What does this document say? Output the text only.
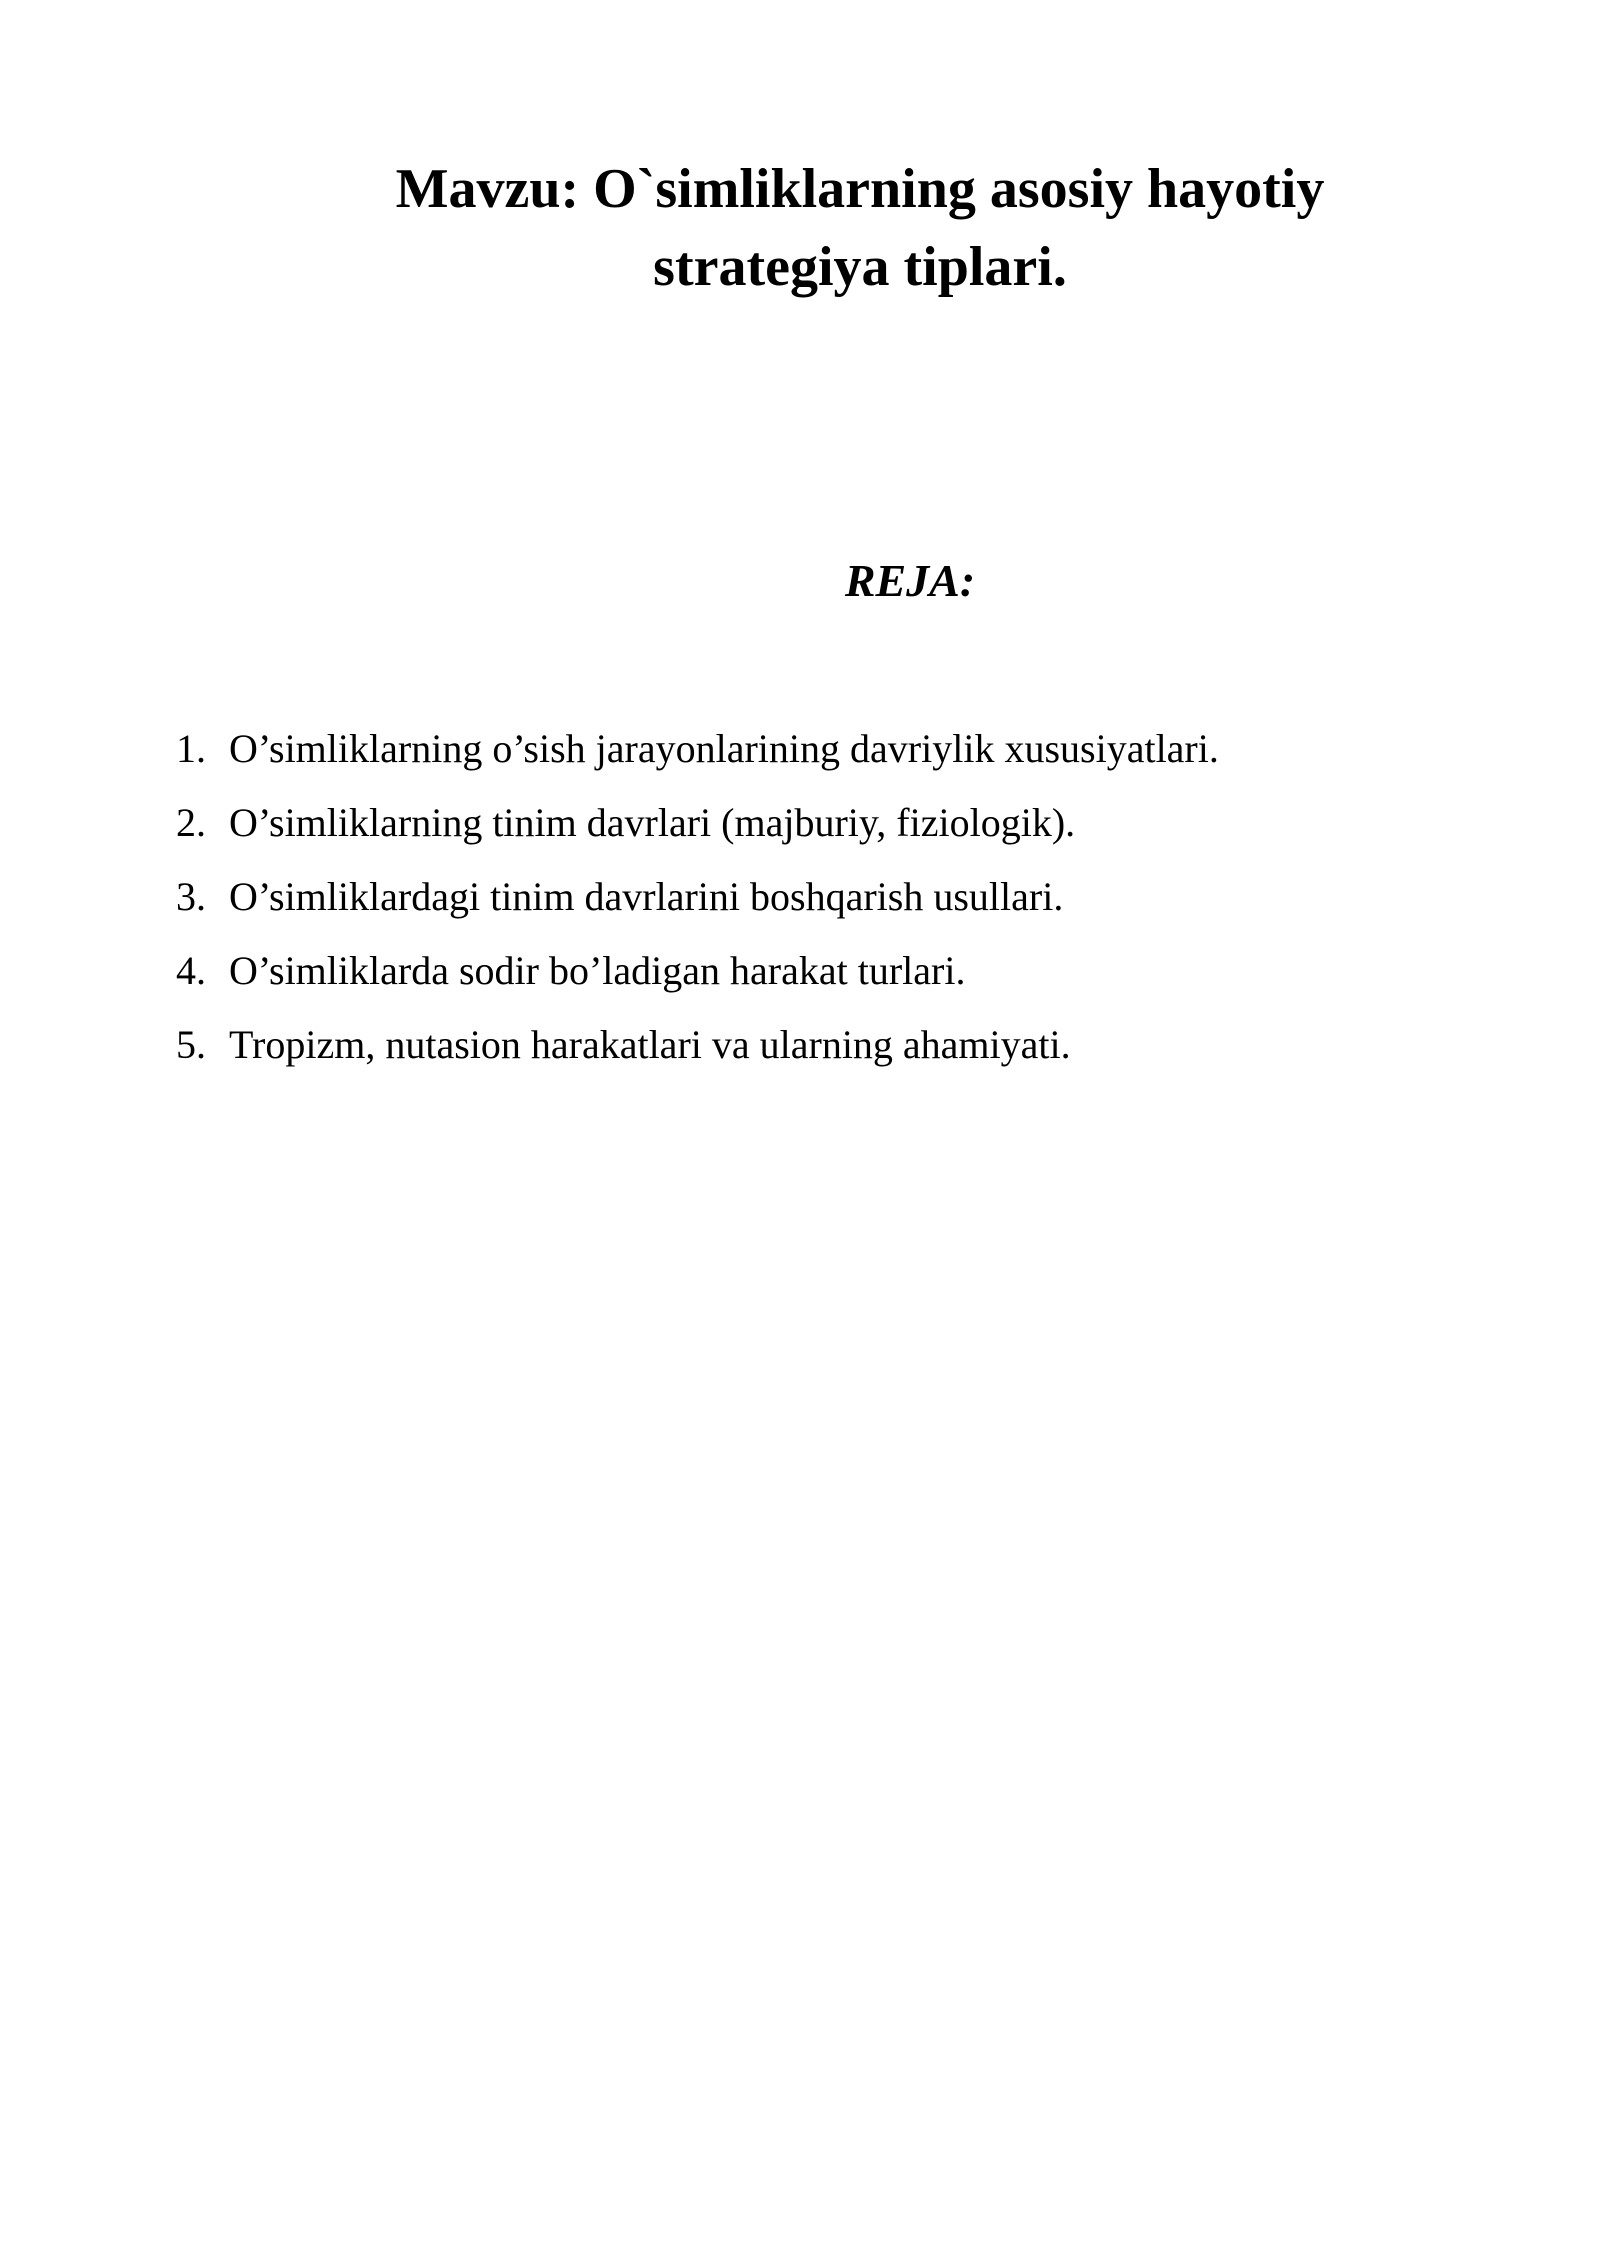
Mavzu: O`simliklarning asosiy hayotiy
strategiya tiplari.
REJA:
1. O’simliklarning o’sish jarayonlarining davriylik xususiyatlari.
2. O’simliklarning tinim davrlari (majburiy, fiziologik).
3. O’simliklardagi tinim davrlarini boshqarish usullari.
4. O’simliklarda sodir bo’ladigan harakat turlari.
5. Tropizm, nutasion harakatlari va ularning ahamiyati.
